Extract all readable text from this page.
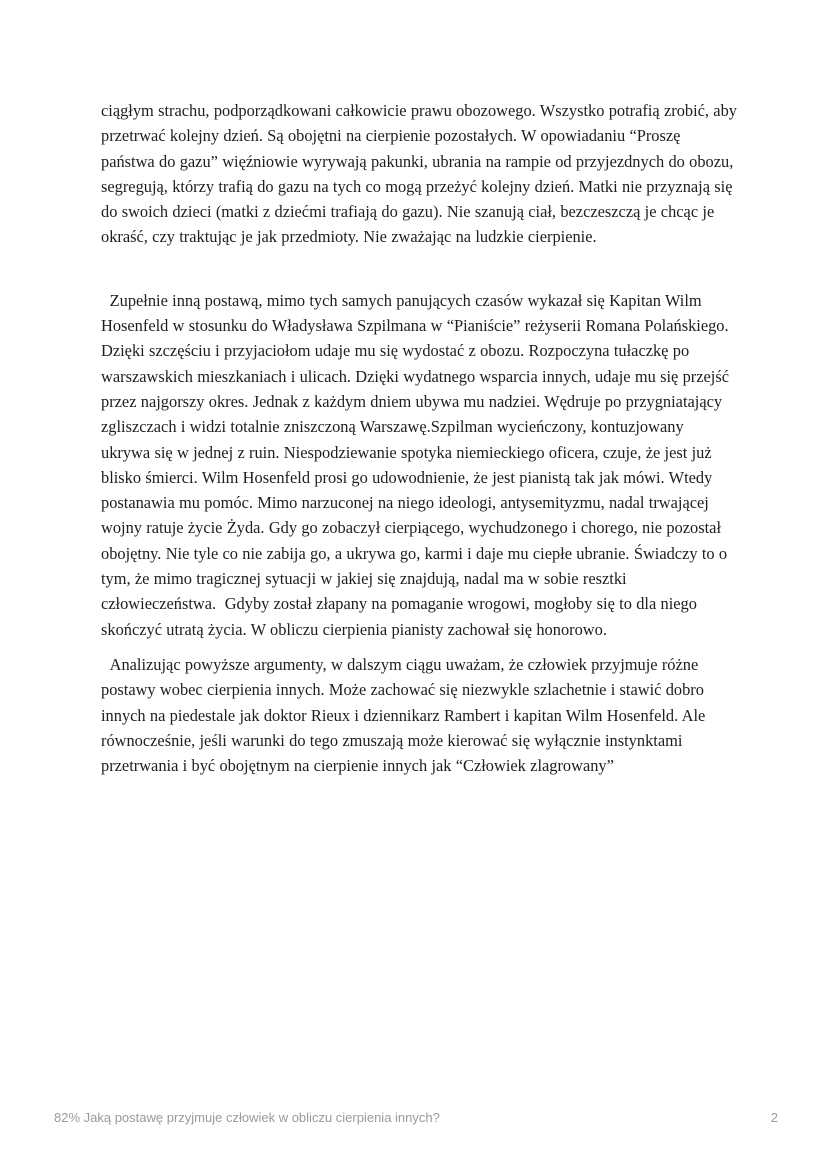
ciągłym strachu, podporządkowani całkowicie prawu obozowego. Wszystko potrafią zrobić, aby przetrwać kolejny dzień. Są obojętni na cierpienie pozostałych. W opowiadaniu “Proszę państwa do gazu” więźniowie wyrywają pakunki, ubrania na rampie od przyjezdnych do obozu, segregują, którzy trafią do gazu na tych co mogą przeżyć kolejny dzień. Matki nie przyznają się do swoich dzieci (matki z dziećmi trafiają do gazu). Nie szanują ciał, bezczeszczą je chcąc je okraść, czy traktując je jak przedmioty. Nie zważając na ludzkie cierpienie.

Zupełnie inną postawą, mimo tych samych panujących czasów wykazał się Kapitan Wilm Hosenfeld w stosunku do Władysława Szpilmana w “Pianiście” reżyserii Romana Polańskiego. Dzięki szczęściu i przyjaciołom udaje mu się wydostać z obozu. Rozpoczyna tułaczkę po warszawskich mieszkaniach i ulicach. Dzięki wydatnego wsparcia innych, udaje mu się przejść przez najgorszy okres. Jednak z każdym dniem ubywa mu nadziei. Wędruje po przygniatający zgliszczach i widzi totalnie zniszczoną Warszawę.Szpilman wycieńczony, kontuzjowany ukrywa się w jednej z ruin. Niespodziewanie spotyka niemieckiego oficera, czuje, że jest już blisko śmierci. Wilm Hosenfeld prosi go udowodnienie, że jest pianistą tak jak mówi. Wtedy postanawia mu pomóc. Mimo narzuconej na niego ideologi, antysemityzmu, nadal trwającej wojny ratuje życie Żyda. Gdy go zobaczył cierpiącego, wychudzonego i chorego, nie pozostał obojętny. Nie tyle co nie zabija go, a ukrywa go, karmi i daje mu ciepłe ubranie. Świadczy to o tym, że mimo tragicznej sytuacji w jakiej się znajdują, nadal ma w sobie resztki człowieczeństwa.  Gdyby został złapany na pomaganie wrogowi, mogłoby się to dla niego skończyć utratą życia. W obliczu cierpienia pianisty zachował się honorowo.

Analizując powyższe argumenty, w dalszym ciągu uważam, że człowiek przyjmuje różne postawy wobec cierpienia innych. Może zachować się niezwykle szlachetnie i stawić dobro innych na piedestale jak doktor Rieux i dziennikarz Rambert i kapitan Wilm Hosenfeld. Ale równocześnie, jeśli warunki do tego zmuszają może kierować się wyłącznie instynktami przetrwania i być obojętnym na cierpienie innych jak “Człowiek zlagrowany”

82% Jaką postawę przyjmuje człowiek w obliczu cierpienia innych?	2
